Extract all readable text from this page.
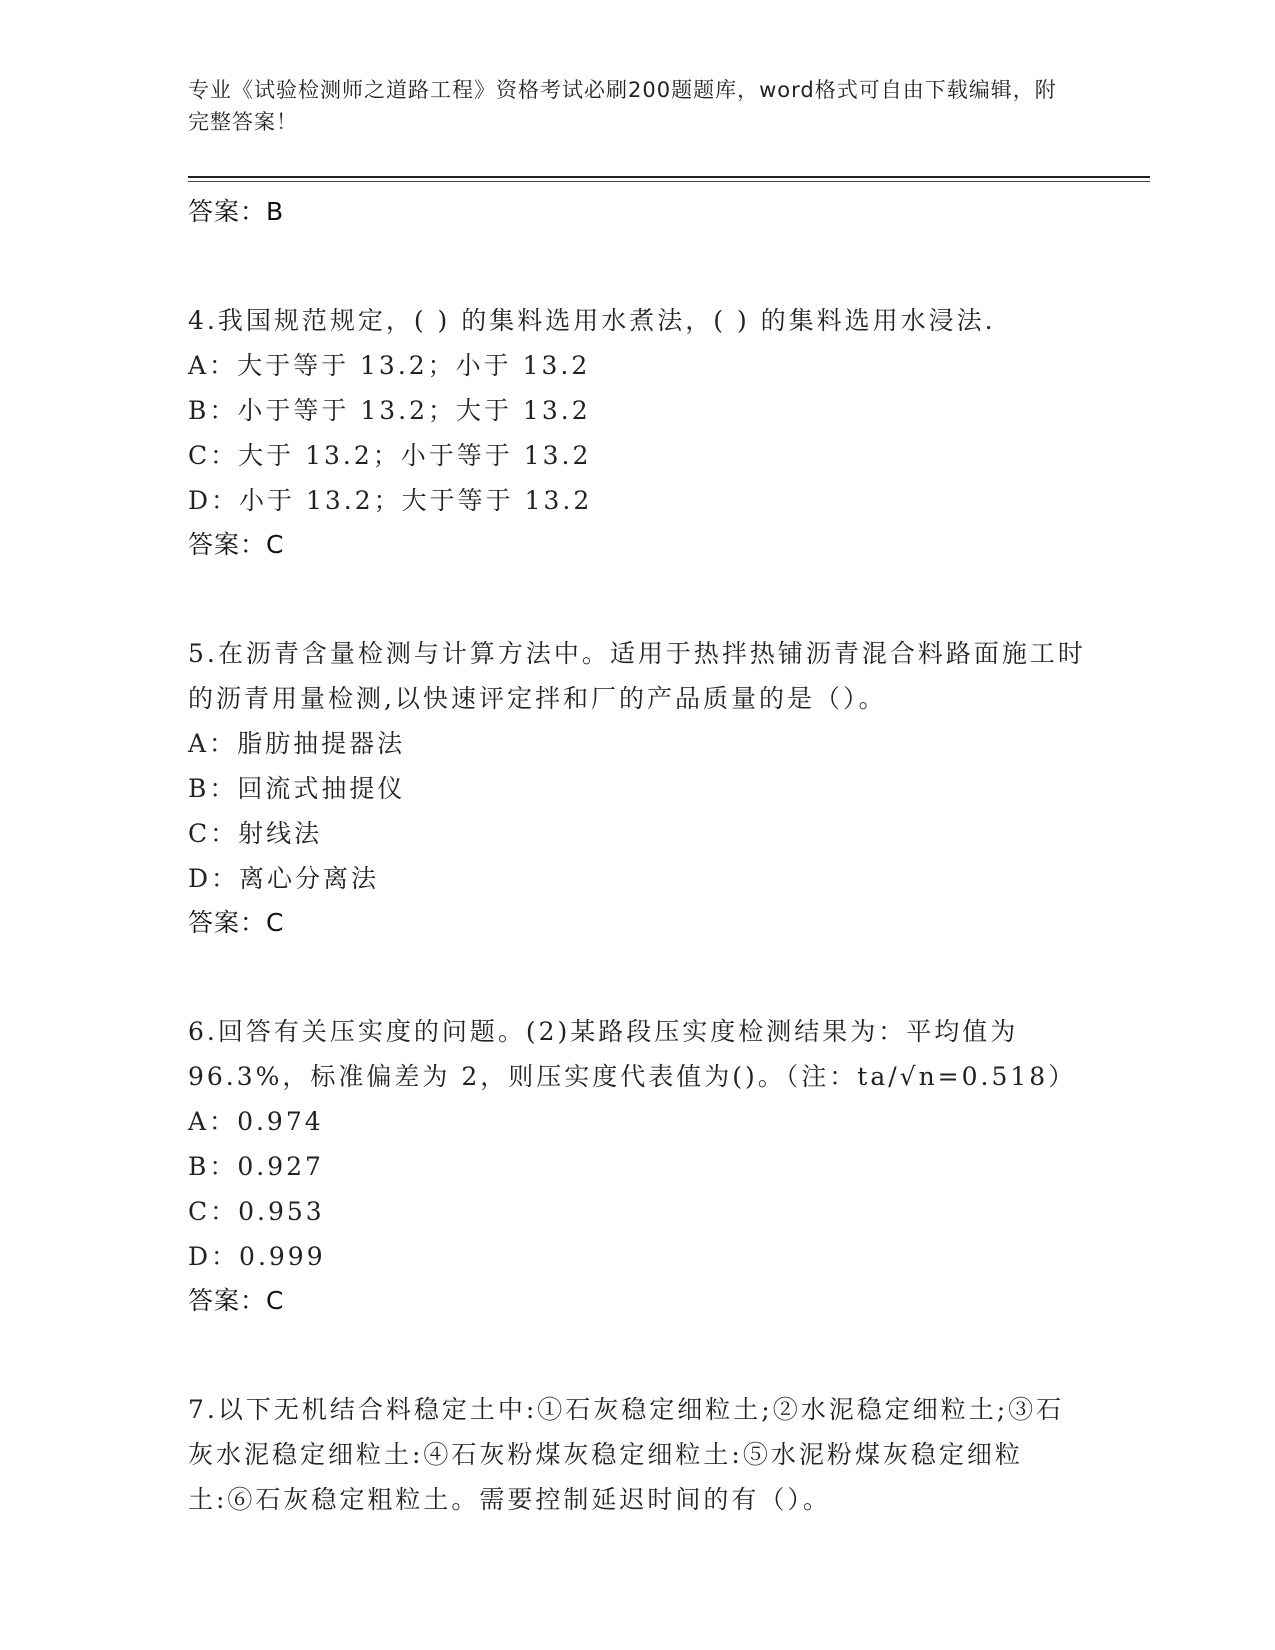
专业《试验检测师之道路工程》资格考试必刷200题题库，word格式可自由下载编辑，附完整答案！
答案：B
4.我国规范规定，( ) 的集料选用水煮法，( ) 的集料选用水浸法.
A：大于等于 13.2；小于 13.2
B：小于等于 13.2；大于 13.2
C：大于 13.2；小于等于 13.2
D：小于 13.2；大于等于 13.2
答案：C
5.在沥青含量检测与计算方法中。适用于热拌热铺沥青混合料路面施工时的沥青用量检测,以快速评定拌和厂的产品质量的是（）。
A：脂肪抽提器法
B：回流式抽提仪
C：射线法
D：离心分离法
答案：C
6.回答有关压实度的问题。(2)某路段压实度检测结果为：平均值为96.3%，标准偏差为 2，则压实度代表值为()。（注：ta/√n=0.518）
A：0.974
B：0.927
C：0.953
D：0.999
答案：C
7.以下无机结合料稳定土中:①石灰稳定细粒土;②水泥稳定细粒土;③石灰水泥稳定细粒土:④石灰粉煤灰稳定细粒土:⑤水泥粉煤灰稳定细粒土:⑥石灰稳定粗粒土。需要控制延迟时间的有（）。
